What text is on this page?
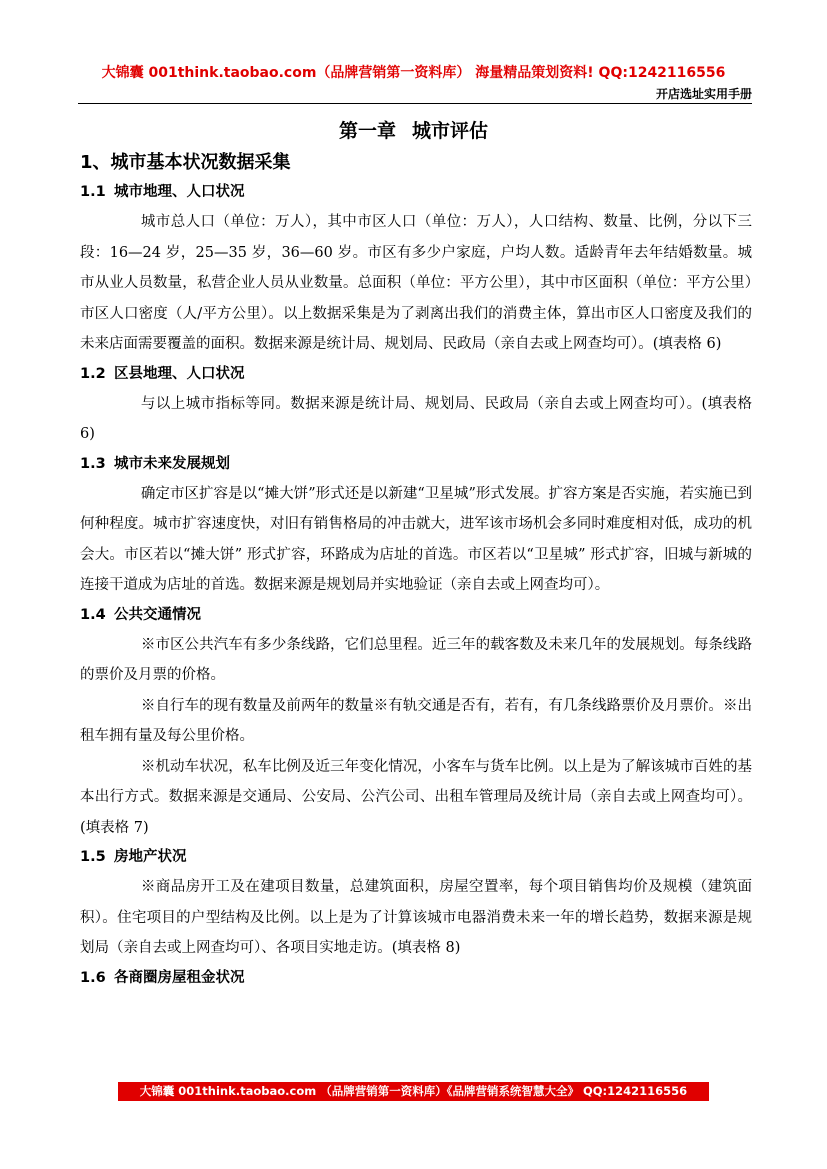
大锦囊 001think.taobao.com（品牌营销第一资料库） 海量精品策划资料! QQ:1242116556
开店选址实用手册
第一章 城市评估
1、城市基本状况数据采集
1.1 城市地理、人口状况

城市总人口（单位：万人），其中市区人口（单位：万人），人口结构、数量、比例，分以下三段：16—24 岁，25—35 岁，36—60 岁。市区有多少户家庭，户均人数。适龄青年去年结婚数量。城市从业人员数量，私营企业人员从业数量。总面积（单位：平方公里），其中市区面积（单位：平方公里）市区人口密度（人/平方公里）。以上数据采集是为了剥离出我们的消费主体，算出市区人口密度及我们的未来店面需要覆盖的面积。数据来源是统计局、规划局、民政局（亲自去或上网查均可）。(填表格 6)

1.2 区县地理、人口状况

与以上城市指标等同。数据来源是统计局、规划局、民政局（亲自去或上网查均可）。(填表格 6)

1.3 城市未来发展规划

确定市区扩容是以“摊大饼”形式还是以新建“卫星城”形式发展。扩容方案是否实施，若实施已到何种程度。城市扩容速度快，对旧有销售格局的冲击就大，进军该市场机会多同时难度相对低，成功的机会大。市区若以“摊大饼” 形式扩容，环路成为店址的首选。市区若以“卫星城” 形式扩容，旧城与新城的连接干道成为店址的首选。数据来源是规划局并实地验证（亲自去或上网查均可）。

1.4 公共交通情况

※市区公共汽车有多少条线路，它们总里程。近三年的载客数及未来几年的发展规划。每条线路的票价及月票的价格。

※自行车的现有数量及前两年的数量※有轨交通是否有，若有，有几条线路票价及月票价。※出租车拥有量及每公里价格。

※机动车状况，私车比例及近三年变化情况，小客车与货车比例。以上是为了解该城市百姓的基本出行方式。数据来源是交通局、公安局、公汽公司、出租车管理局及统计局（亲自去或上网查均可）。(填表格 7)

1.5 房地产状况

※商品房开工及在建项目数量，总建筑面积，房屋空置率，每个项目销售均价及规模（建筑面积）。住宅项目的户型结构及比例。以上是为了计算该城市电器消费未来一年的增长趋势，数据来源是规划局（亲自去或上网查均可）、各项目实地走访。(填表格 8)

1.6 各商圈房屋租金状况
大锦囊 001think.taobao.com （品牌营销第一资料库）《品牌营销系统智慧大全》 QQ:1242116556
